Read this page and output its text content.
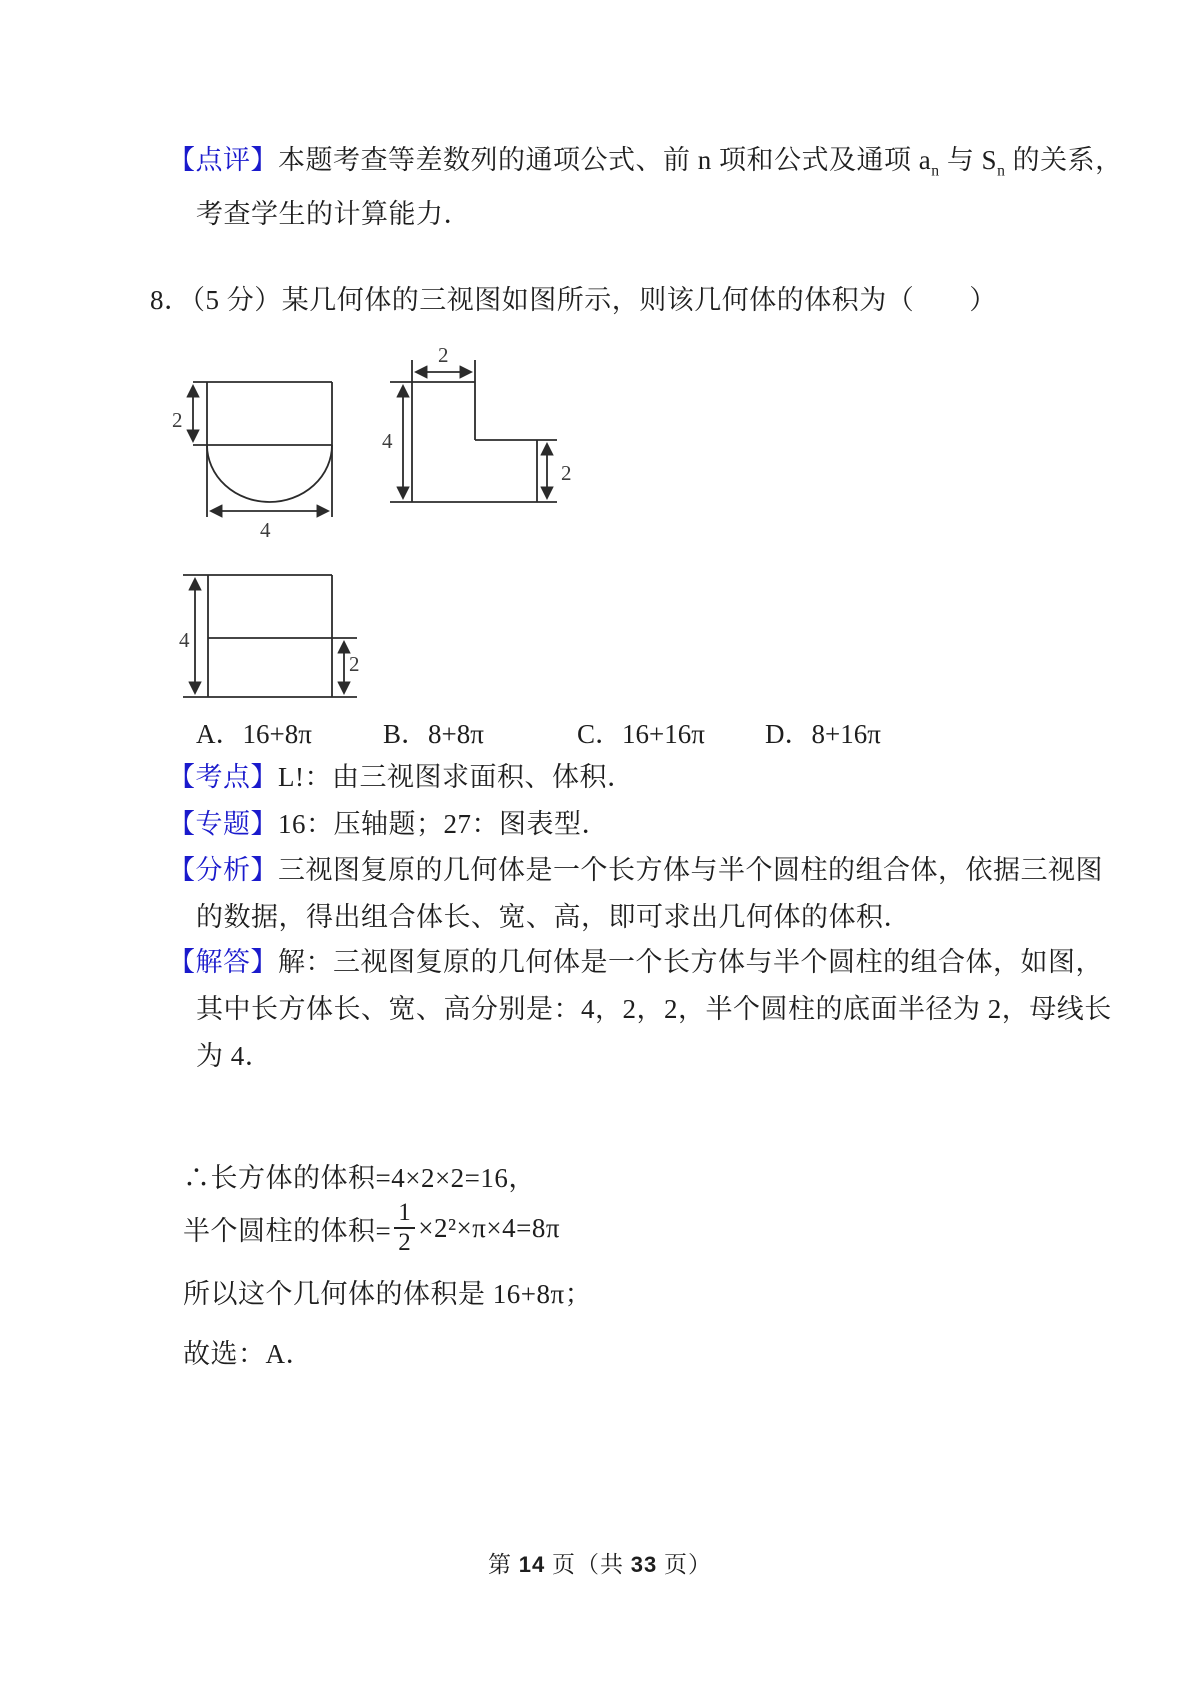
【点评】本题考查等差数列的通项公式、前 n 项和公式及通项 $a_n$ 与 $S_n$ 的关系，
考查学生的计算能力．
8．（5 分）某几何体的三视图如图所示，则该几何体的体积为（　　）
2
4
2
2
4
4
2
A．16+8π	B．8+8π	C．16+16π D．8+16π
【考点】L!：由三视图求面积、体积．
【专题】16：压轴题；27：图表型．
【分析】三视图复原的几何体是一个长方体与半个圆柱的组合体，依据三视图
的数据，得出组合体长、宽、高，即可求出几何体的体积．
【解答】解：三视图复原的几何体是一个长方体与半个圆柱的组合体，如图，
其中长方体长、宽、高分别是：4，2，2，半个圆柱的底面半径为 2，母线长
为 4．
∴长方体的体积=4×2×2=16，
半个圆柱的体积= $\frac{1}{2} \times 2^2\times\pi\times 4=8\pi$
所以这个几何体的体积是 16+8π；
故选：A．
第 14 页（共 33 页）
